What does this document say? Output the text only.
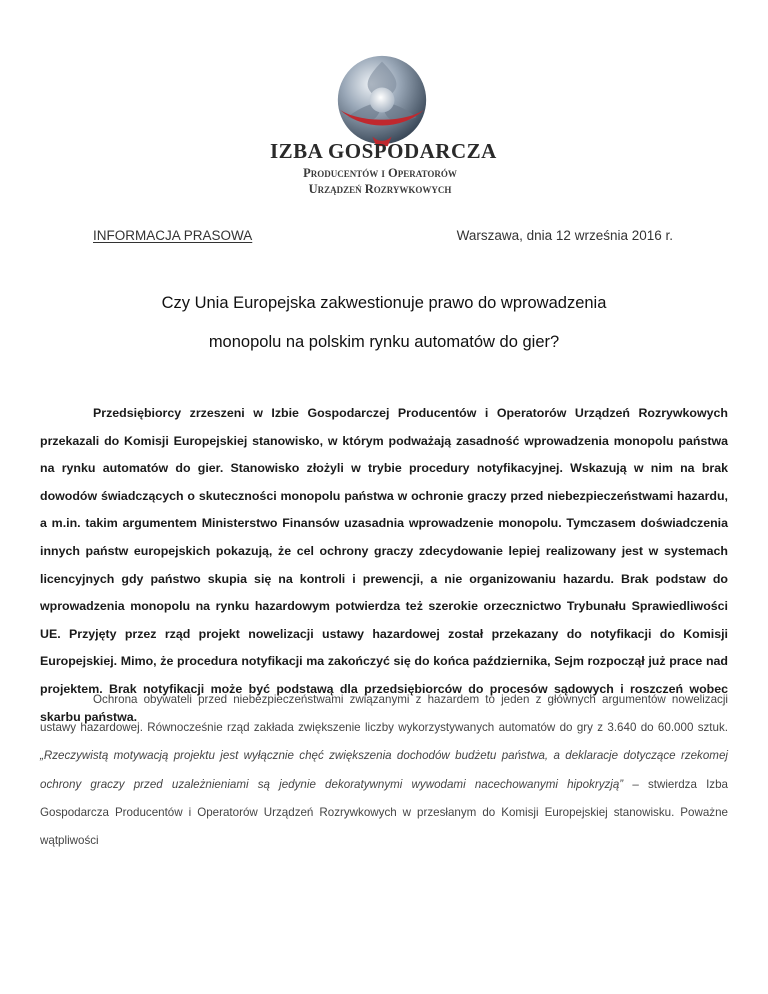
IZBA GOSPODARCZA
Producentów i Operatorów
Urządzeń Rozrywkowych
INFORMACJA PRASOWA	Warszawa, dnia 12 września 2016 r.
Czy Unia Europejska zakwestionuje prawo do wprowadzenia
monopolu na polskim rynku automatów do gier?

Przedsiębiorcy zrzeszeni w Izbie Gospodarczej Producentów i Operatorów Urządzeń Rozrywkowych przekazali do Komisji Europejskiej stanowisko, w którym podważają zasadność wprowadzenia monopolu państwa na rynku automatów do gier. Stanowisko złożyli w trybie procedury notyfikacyjnej. Wskazują w nim na brak dowodów świadczących o skuteczności monopolu państwa w ochronie graczy przed niebezpieczeństwami hazardu, a m.in. takim argumentem Ministerstwo Finansów uzasadnia wprowadzenie monopolu. Tymczasem doświadczenia innych państw europejskich pokazują, że cel ochrony graczy zdecydowanie lepiej realizowany jest w systemach licencyjnych gdy państwo skupia się na kontroli i prewencji, a nie organizowaniu hazardu. Brak podstaw do wprowadzenia monopolu na rynku hazardowym potwierdza też szerokie orzecznictwo Trybunału Sprawiedliwości UE. Przyjęty przez rząd projekt nowelizacji ustawy hazardowej został przekazany do notyfikacji do Komisji Europejskiej. Mimo, że procedura notyfikacji ma zakończyć się do końca października, Sejm rozpoczął już prace nad projektem. Brak notyfikacji może być podstawą dla przedsiębiorców do procesów sądowych i roszczeń wobec skarbu państwa.

Ochrona obywateli przed niebezpieczeństwami związanymi z hazardem to jeden z głównych argumentów nowelizacji ustawy hazardowej. Równocześnie rząd zakłada zwiększenie liczby wykorzystywanych automatów do gry z 3.640 do 60.000 sztuk. „Rzeczywistą motywacją projektu jest wyłącznie chęć zwiększenia dochodów budżetu państwa, a deklaracje dotyczące rzekomej ochrony graczy przed uzależnieniami są jedynie dekoratywnymi wywodami nacechowanymi hipokryzją” – stwierdza Izba Gospodarcza Producentów i Operatorów Urządzeń Rozrywkowych w przesłanym do Komisji Europejskiej stanowisku. Poważne wątpliwości
